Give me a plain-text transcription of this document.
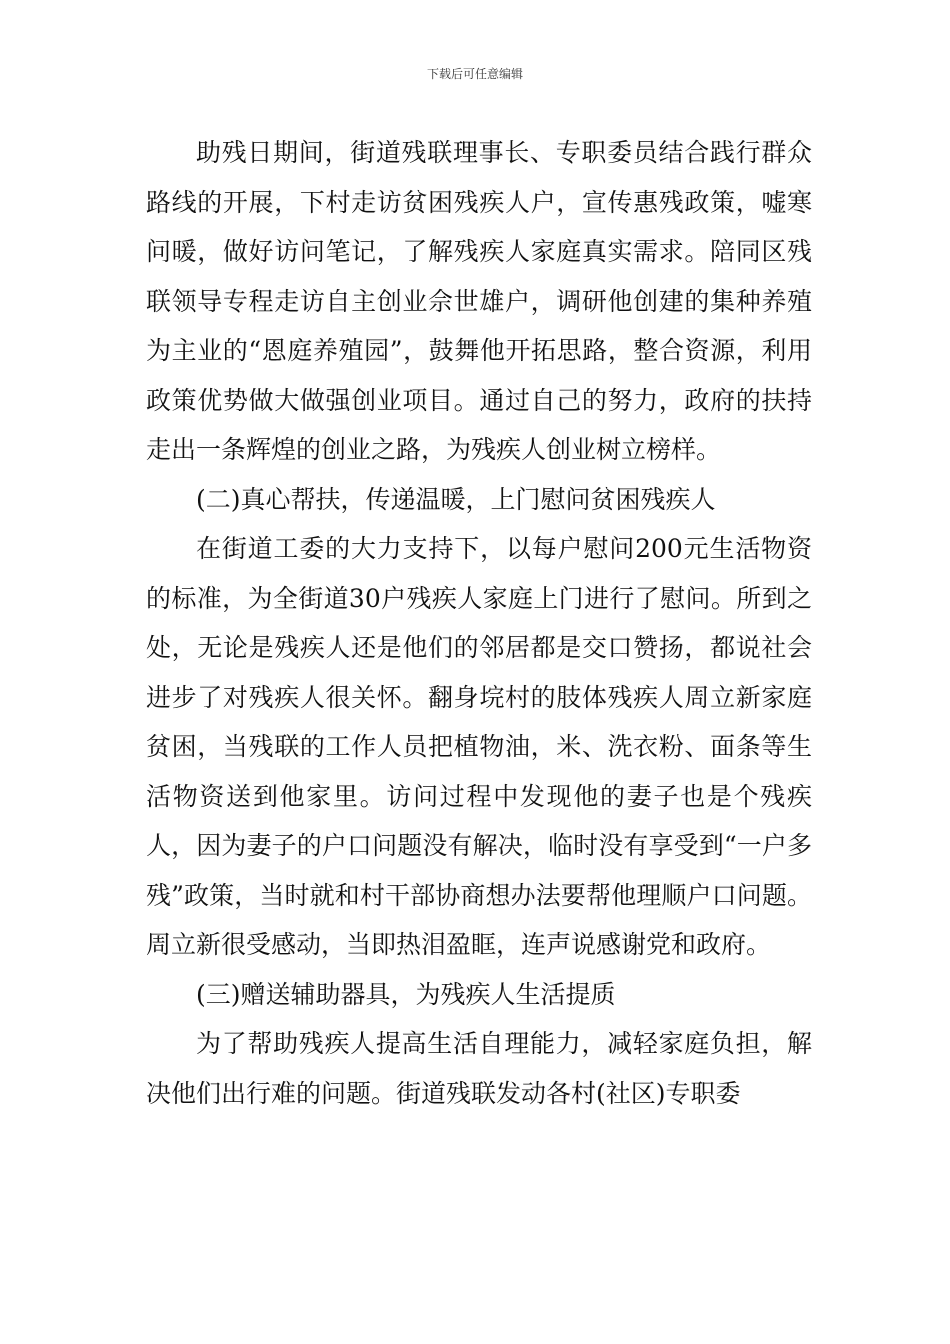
下载后可任意编辑

助残日期间，街道残联理事长、专职委员结合践行群众路线的开展，下村走访贫困残疾人户，宣传惠残政策，嘘寒问暖，做好访问笔记，了解残疾人家庭真实需求。陪同区残联领导专程走访自主创业佘世雄户，调研他创建的集种养殖为主业的“恩庭养殖园”，鼓舞他开拓思路，整合资源，利用政策优势做大做强创业项目。通过自己的努力，政府的扶持走出一条辉煌的创业之路，为残疾人创业树立榜样。

(二)真心帮扶，传递温暖，上门慰问贫困残疾人

在街道工委的大力支持下，以每户慰问200元生活物资的标准，为全街道30户残疾人家庭上门进行了慰问。所到之处，无论是残疾人还是他们的邻居都是交口赞扬，都说社会进步了对残疾人很关怀。翻身垸村的肢体残疾人周立新家庭贫困，当残联的工作人员把植物油，米、洗衣粉、面条等生活物资送到他家里。访问过程中发现他的妻子也是个残疾人，因为妻子的户口问题没有解决，临时没有享受到“一户多残”政策，当时就和村干部协商想办法要帮他理顺户口问题。周立新很受感动，当即热泪盈眶，连声说感谢党和政府。

(三)赠送辅助器具，为残疾人生活提质

为了帮助残疾人提高生活自理能力，减轻家庭负担，解决他们出行难的问题。街道残联发动各村(社区)专职委
